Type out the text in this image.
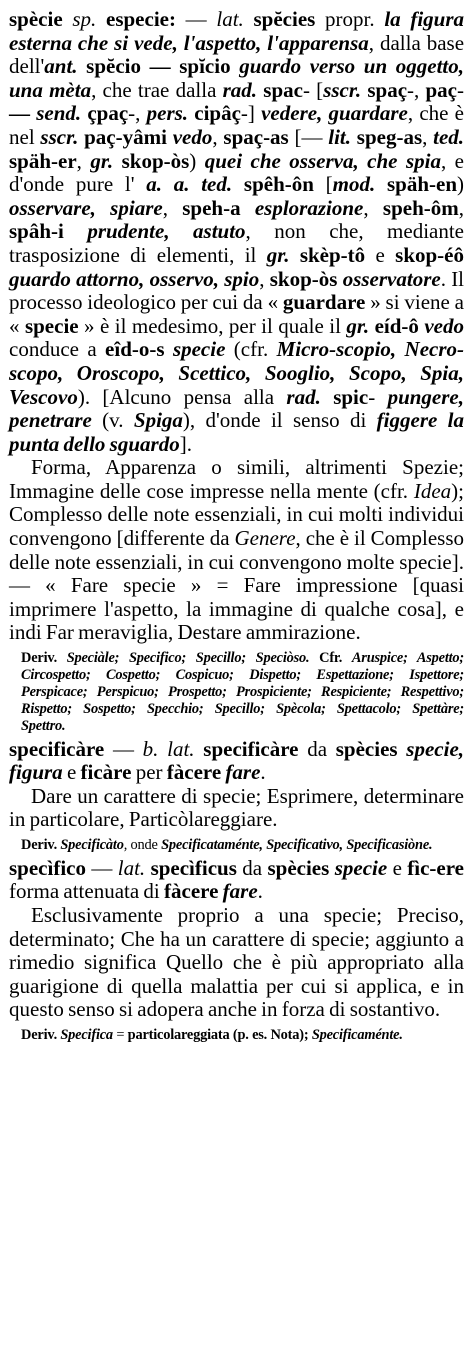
spècie sp. especie: — lat. spĕcies propr. la figura esterna che si vede, l'aspetto, l'apparensa, dalla base dell'ant. spĕcio — spĭcio guardo verso un oggetto, una mèta, che trae dalla rad. spac- [sscr. spaç-, paç- — send. çpaç-, pers. cipâç-] vedere, guardare, che è nel sscr. paç-yâmi vedo, spaç-as [— lit. speg-as, ted. späh-er, gr. skop-òs) quei che osserva, che spia, e d'onde pure l' a. a. ted. spêh-ôn [mod. späh-en) osservare, spiare, speh-a esplorazione, speh-ôm, spâh-i prudente, astuto, non che, mediante trasposizione di elementi, il gr. skèp-tô e skop-éô guardo attorno, osservo, spio, skop-òs osservatore. Il processo ideologico per cui da « guardare » si viene a « specie » è il medesimo, per il quale il gr. eíd-ô vedo conduce a eîd-o-s specie (cfr. Micro-scopio, Necro-scopo, Oroscopo, Scettico, Sooglio, Scopo, Spia, Vescovo). [Alcuno pensa alla rad. spic- pungere, penetrare (v. Spiga), d'onde il senso di figgere la punta dello sguardo].

Forma, Apparenza o simili, altrimenti Spezie; Immagine delle cose impresse nella mente (cfr. Idea); Complesso delle note essenziali, in cui molti individui convengono [differente da Genere, che è il Complesso delle note essenziali, in cui convengono molte specie]. — « Fare specie » = Fare impressione [quasi imprimere l'aspetto, la immagine di qualche cosa], e indi Far meraviglia, Destare ammirazione.

Deriv. Speciàle; Specifico; Specillo; Speciòso. Cfr. Aruspice; Aspetto; Circospetto; Cospetto; Cospicuo; Dispetto; Espettazione; Ispettore; Perspicace; Perspicuo; Prospetto; Prospiciente; Respiciente; Respettivo; Rispetto; Sospetto; Specchio; Specillo; Spècola; Spettacolo; Spettàre; Spettro.

specificàre — b. lat. specificàre da spècies specie, figura e ficàre per fàcere fare.

Dare un carattere di specie; Esprimere, determinare in particolare, Particòlareggiare.

Deriv. Specificàto, onde Specificataménte, Specificativo, Specificasiòne.

specìfico — lat. specìficus da spècies specie e fìc-ere forma attenuata di fàcere fare.

Esclusivamente proprio a una specie; Preciso, determinato; Che ha un carattere di specie; aggiunto a rimedio significa Quello che è più appropriato alla guarigione di quella malattia per cui si applica, e in questo senso si adopera anche in forza di sostantivo.

Deriv. Specifica = particolareggiata (p. es. Nota); Specificaménte.
